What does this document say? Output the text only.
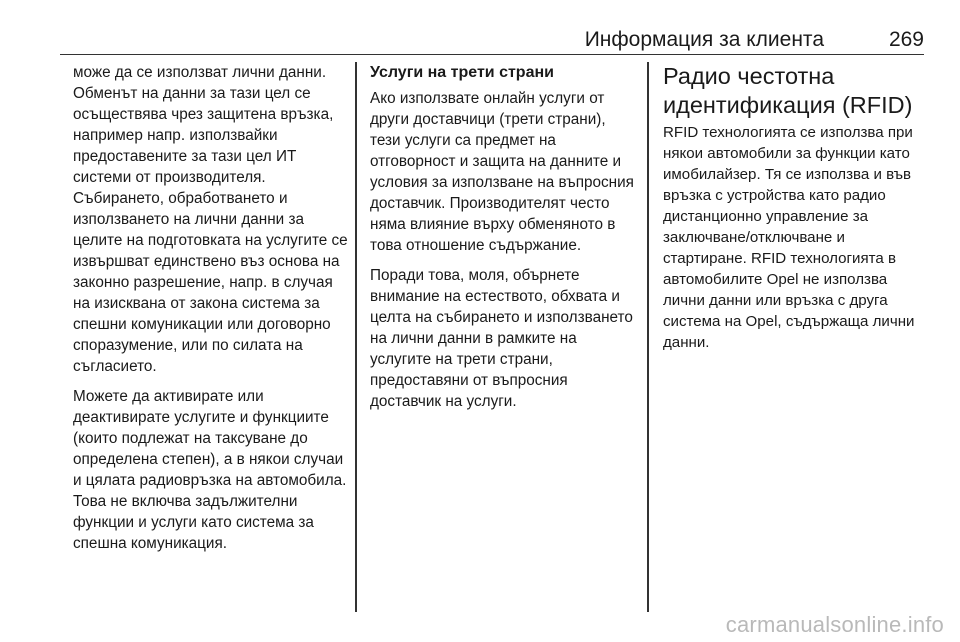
Информация за клиента	269

може да се използват лични данни. Обменът на данни за тази цел се осъществява чрез защитена връзка, например напр. използвайки предоставените за тази цел ИТ системи от производителя. Събирането, обработването и използването на лични данни за целите на подготовката на услугите се извършват единствено въз основа на законно разрешение, напр. в случая на изисквана от закона система за спешни комуникации или договорно споразумение, или по силата на съгласието.

Можете да активирате или деактивирате услугите и функциите (които подлежат на таксуване до определена степен), а в някои случаи и цялата радиовръзка на автомобила. Това не включва задължителни функции и услуги като система за спешна комуникация.

Услуги на трети страни

Ако използвате онлайн услуги от други доставчици (трети страни), тези услуги са предмет на отговорност и защита на данните и условия за използване на въпросния доставчик. Производителят често няма влияние върху обменяното в това отношение съдържание.

Поради това, моля, обърнете внимание на естеството, обхвата и целта на събирането и използването на лични данни в рамките на услугите на трети страни, предоставяни от въпросния доставчик на услуги.

Радио честотна идентификация (RFID)

RFID технологията се използва при някои автомобили за функции като имобилайзер. Тя се използва и във връзка с устройства като радио дистанционно управление за заключване/отключване и стартиране. RFID технологията в автомобилите Opel не използва лични данни или връзка с друга система на Opel, съдържаща лични данни.

carmanualsonline.info
